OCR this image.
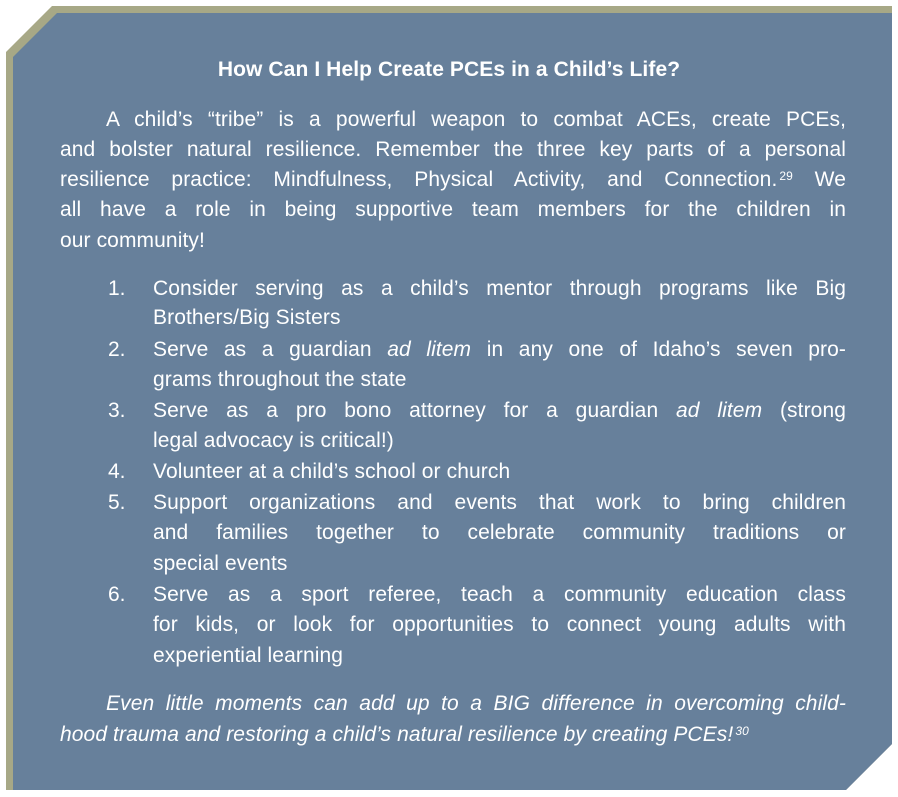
How Can I Help Create PCEs in a Child’s Life?
A child’s “tribe” is a powerful weapon to combat ACEs, create PCEs,
and bolster natural resilience. Remember the three key parts of a personal
resilience practice: Mindfulness, Physical Activity, and Connection. $^{29}$ We
all have a role in being supportive team members for the children in
our community!
1. Consider serving as a child’s mentor through programs like Big
Brothers/Big Sisters
2. Serve as a guardian ad litem in any one of Idaho’s seven pro-
grams throughout the state
3. Serve as a pro bono attorney for a guardian ad litem (strong
legal advocacy is critical!)
4. Volunteer at a child’s school or church
5. Support organizations and events that work to bring children
and families together to celebrate community traditions or
special events
6. Serve as a sport referee, teach a community education class
for kids, or look for opportunities to connect young adults with
experiential learning
Even little moments can add up to a BIG difference in overcoming child-
hood trauma and restoring a child’s natural resilience by creating PCEs! $^{30}$
